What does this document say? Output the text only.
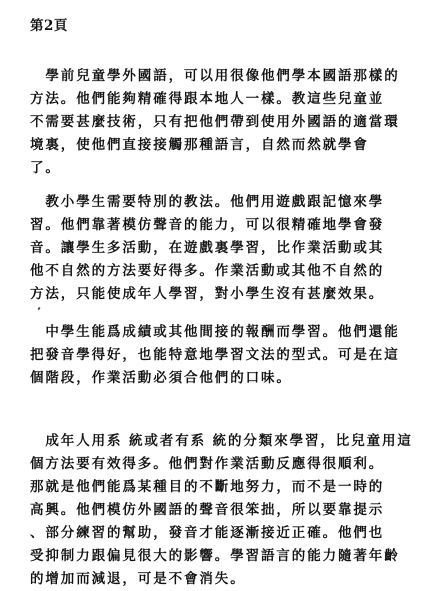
第2頁
　學前兒童學外國語，可以用很像他們學本國語那樣的
方法。他們能夠精確得跟本地人一樣。教這些兒童並
不需要甚麼技術，只有把他們帶到使用外國語的適當環
境裏，使他們直接接觸那種語言，自然而然就學會
了。
　教小學生需要特別的教法。他們用遊戲跟記憶來學
習。他們靠著模仿聲音的能力，可以很精確地學會發
音。讓學生多活動，在遊戲裏學習，比作業活動或其
他不自然的方法要好得多。作業活動或其他不自然的
方法，只能使成年人學習，對小學生沒有甚麼效果。
　中學生能爲成績或其他間接的報酬而學習。他們還能
把發音學得好，也能特意地學習文法的型式。可是在這
個階段，作業活動必須合他們的口味。
　成年人用系 統或者有系 統的分類來學習，比兒童用這
個方法要有效得多。他們對作業活動反應得很順利。
那就是他們能爲某種目的不斷地努力，而不是一時的
高興。他們模仿外國語的聲音很笨拙，所以要靠提示
、部分練習的幫助，發音才能逐漸接近正確。他們也
受抑制力跟偏見很大的影響。學習語言的能力隨著年齡
的增加而減退，可是不會消失。
